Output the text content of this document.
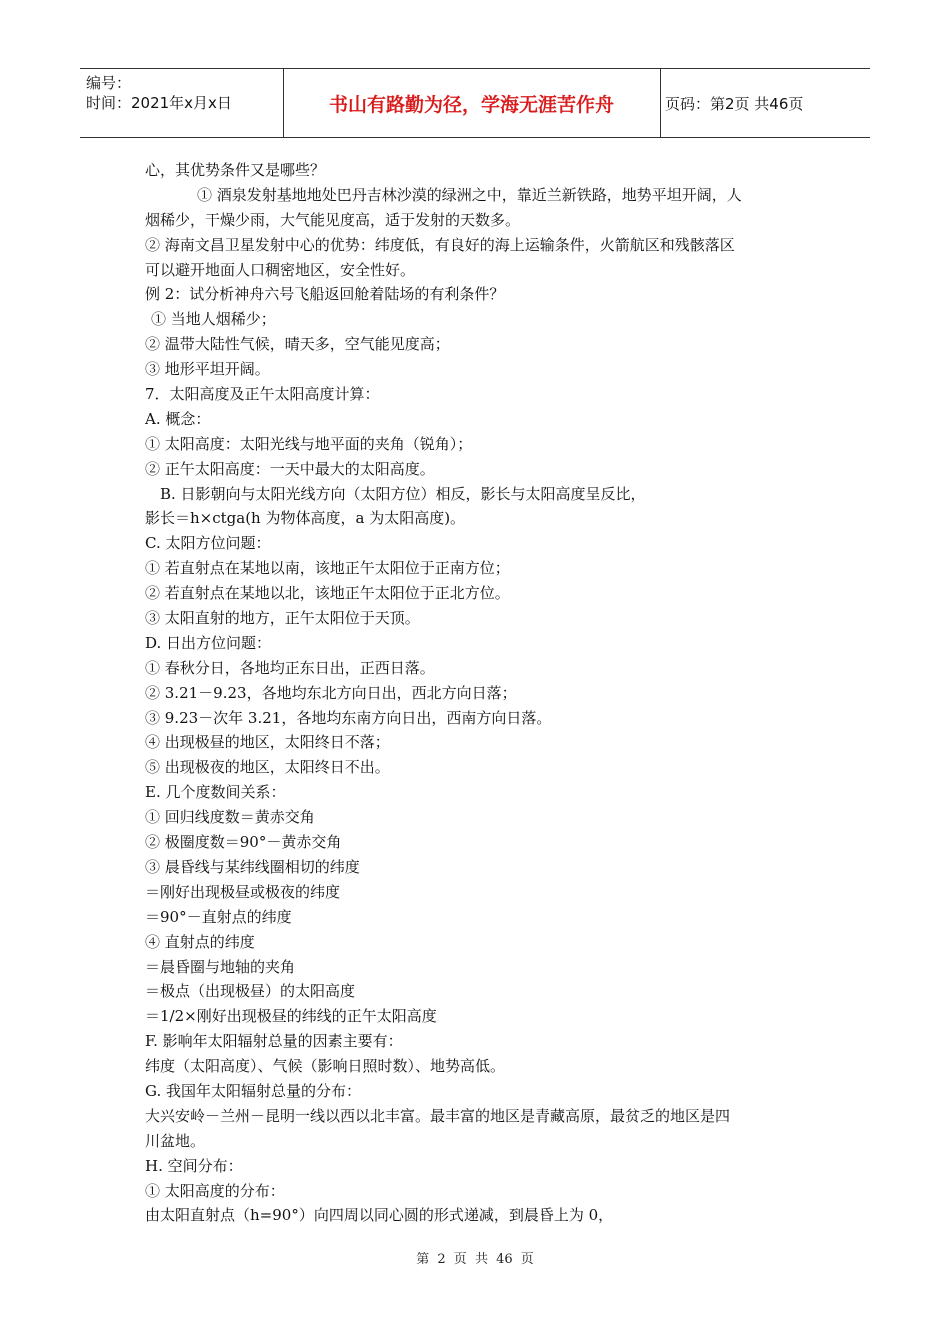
编号：
时间：2021年x月x日	书山有路勤为径，学海无涯苦作舟	页码：第2页 共46页
心，其优势条件又是哪些？
① 酒泉发射基地地处巴丹吉林沙漠的绿洲之中，靠近兰新铁路，地势平坦开阔，人
烟稀少，干燥少雨，大气能见度高，适于发射的天数多。
② 海南文昌卫星发射中心的优势：纬度低，有良好的海上运输条件，火箭航区和残骸落区
可以避开地面人口稠密地区，安全性好。
例 2：试分析神舟六号飞船返回舱着陆场的有利条件？
① 当地人烟稀少；
② 温带大陆性气候，晴天多，空气能见度高；
③ 地形平坦开阔。
7．太阳高度及正午太阳高度计算：
A. 概念：
① 太阳高度：太阳光线与地平面的夹角（锐角）；
② 正午太阳高度：一天中最大的太阳高度。
B. 日影朝向与太阳光线方向（太阳方位）相反，影长与太阳高度呈反比，
影长＝h×ctga(h 为物体高度，a 为太阳高度)。
C. 太阳方位问题：
① 若直射点在某地以南，该地正午太阳位于正南方位；
② 若直射点在某地以北，该地正午太阳位于正北方位。
③ 太阳直射的地方，正午太阳位于天顶。
D. 日出方位问题：
① 春秋分日，各地均正东日出，正西日落。
② 3.21－9.23，各地均东北方向日出，西北方向日落；
③ 9.23－次年 3.21，各地均东南方向日出，西南方向日落。
④ 出现极昼的地区，太阳终日不落；
⑤ 出现极夜的地区，太阳终日不出。
E. 几个度数间关系：
① 回归线度数＝黄赤交角
② 极圈度数＝90°－黄赤交角
③ 晨昏线与某纬线圈相切的纬度
＝刚好出现极昼或极夜的纬度
＝90°－直射点的纬度
④ 直射点的纬度
＝晨昏圈与地轴的夹角
＝极点（出现极昼）的太阳高度
＝1/2×刚好出现极昼的纬线的正午太阳高度
F. 影响年太阳辐射总量的因素主要有：
纬度（太阳高度）、气候（影响日照时数）、地势高低。
G. 我国年太阳辐射总量的分布：
大兴安岭－兰州－昆明一线以西以北丰富。最丰富的地区是青藏高原，最贫乏的地区是四
川盆地。
H. 空间分布：
① 太阳高度的分布：
由太阳直射点（h=90°）向四周以同心圆的形式递减，到晨昏上为 0，
第 2 页 共 46 页
